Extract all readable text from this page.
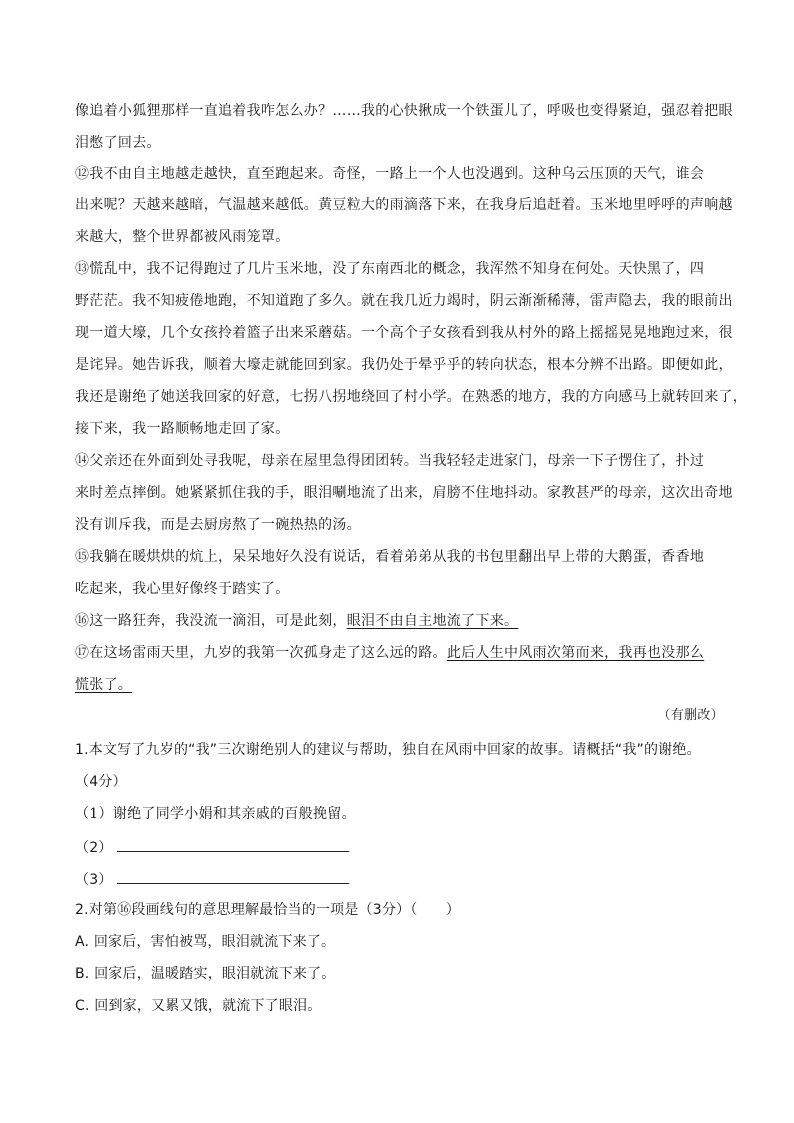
像追着小狐狸那样一直追着我咋怎么办？……我的心快揪成一个铁蛋儿了，呼吸也变得紧迫，强忍着把眼
泪憋了回去。
⑫我不由自主地越走越快，直至跑起来。奇怪，一路上一个人也没遇到。这种乌云压顶的天气，谁会
出来呢？天越来越暗，气温越来越低。黄豆粒大的雨滴落下来，在我身后追赶着。玉米地里呼呼的声响越
来越大，整个世界都被风雨笼罩。
⑬慌乱中，我不记得跑过了几片玉米地，没了东南西北的概念，我浑然不知身在何处。天快黑了，四
野茫茫。我不知疲倦地跑，不知道跑了多久。就在我几近力竭时，阴云渐渐稀薄，雷声隐去，我的眼前出
现一道大壕，几个女孩拎着篮子出来采蘑菇。一个高个子女孩看到我从村外的路上摇摇晃晃地跑过来，很
是诧异。她告诉我，顺着大壕走就能回到家。我仍处于晕乎乎的转向状态，根本分辨不出路。即便如此，
我还是谢绝了她送我回家的好意，七拐八拐地绕回了村小学。在熟悉的地方，我的方向感马上就转回来了，
接下来，我一路顺畅地走回了家。
⑭父亲还在外面到处寻我呢，母亲在屋里急得团团转。当我轻轻走进家门，母亲一下子愣住了，扑过
来时差点摔倒。她紧紧抓住我的手，眼泪唰地流了出来，肩膀不住地抖动。家教甚严的母亲，这次出奇地
没有训斥我，而是去厨房熬了一碗热热的汤。
⑮我躺在暖烘烘的炕上，呆呆地好久没有说话，看着弟弟从我的书包里翻出早上带的大鹅蛋，香香地
吃起来，我心里好像终于踏实了。
⑯这一路狂奔，我没流一滴泪，可是此刻，眼泪不由自主地流了下来。
⑰在这场雷雨天里，九岁的我第一次孤身走了这么远的路。此后人生中风雨次第而来，我再也没那么
慌张了。
（有删改）
1.本文写了九岁的“我”三次谢绝别人的建议与帮助，独自在风雨中回家的故事。请概括“我”的谢绝。
（4分）
（1）谢绝了同学小娟和其亲戚的百般挽留。
（2）
（3）
2.对第⑯段画线句的意思理解最恰当的一项是（3分）（　　）
A. 回家后，害怕被骂，眼泪就流下来了。
B. 回家后，温暖踏实，眼泪就流下来了。
C. 回到家，又累又饿，就流下了眼泪。
